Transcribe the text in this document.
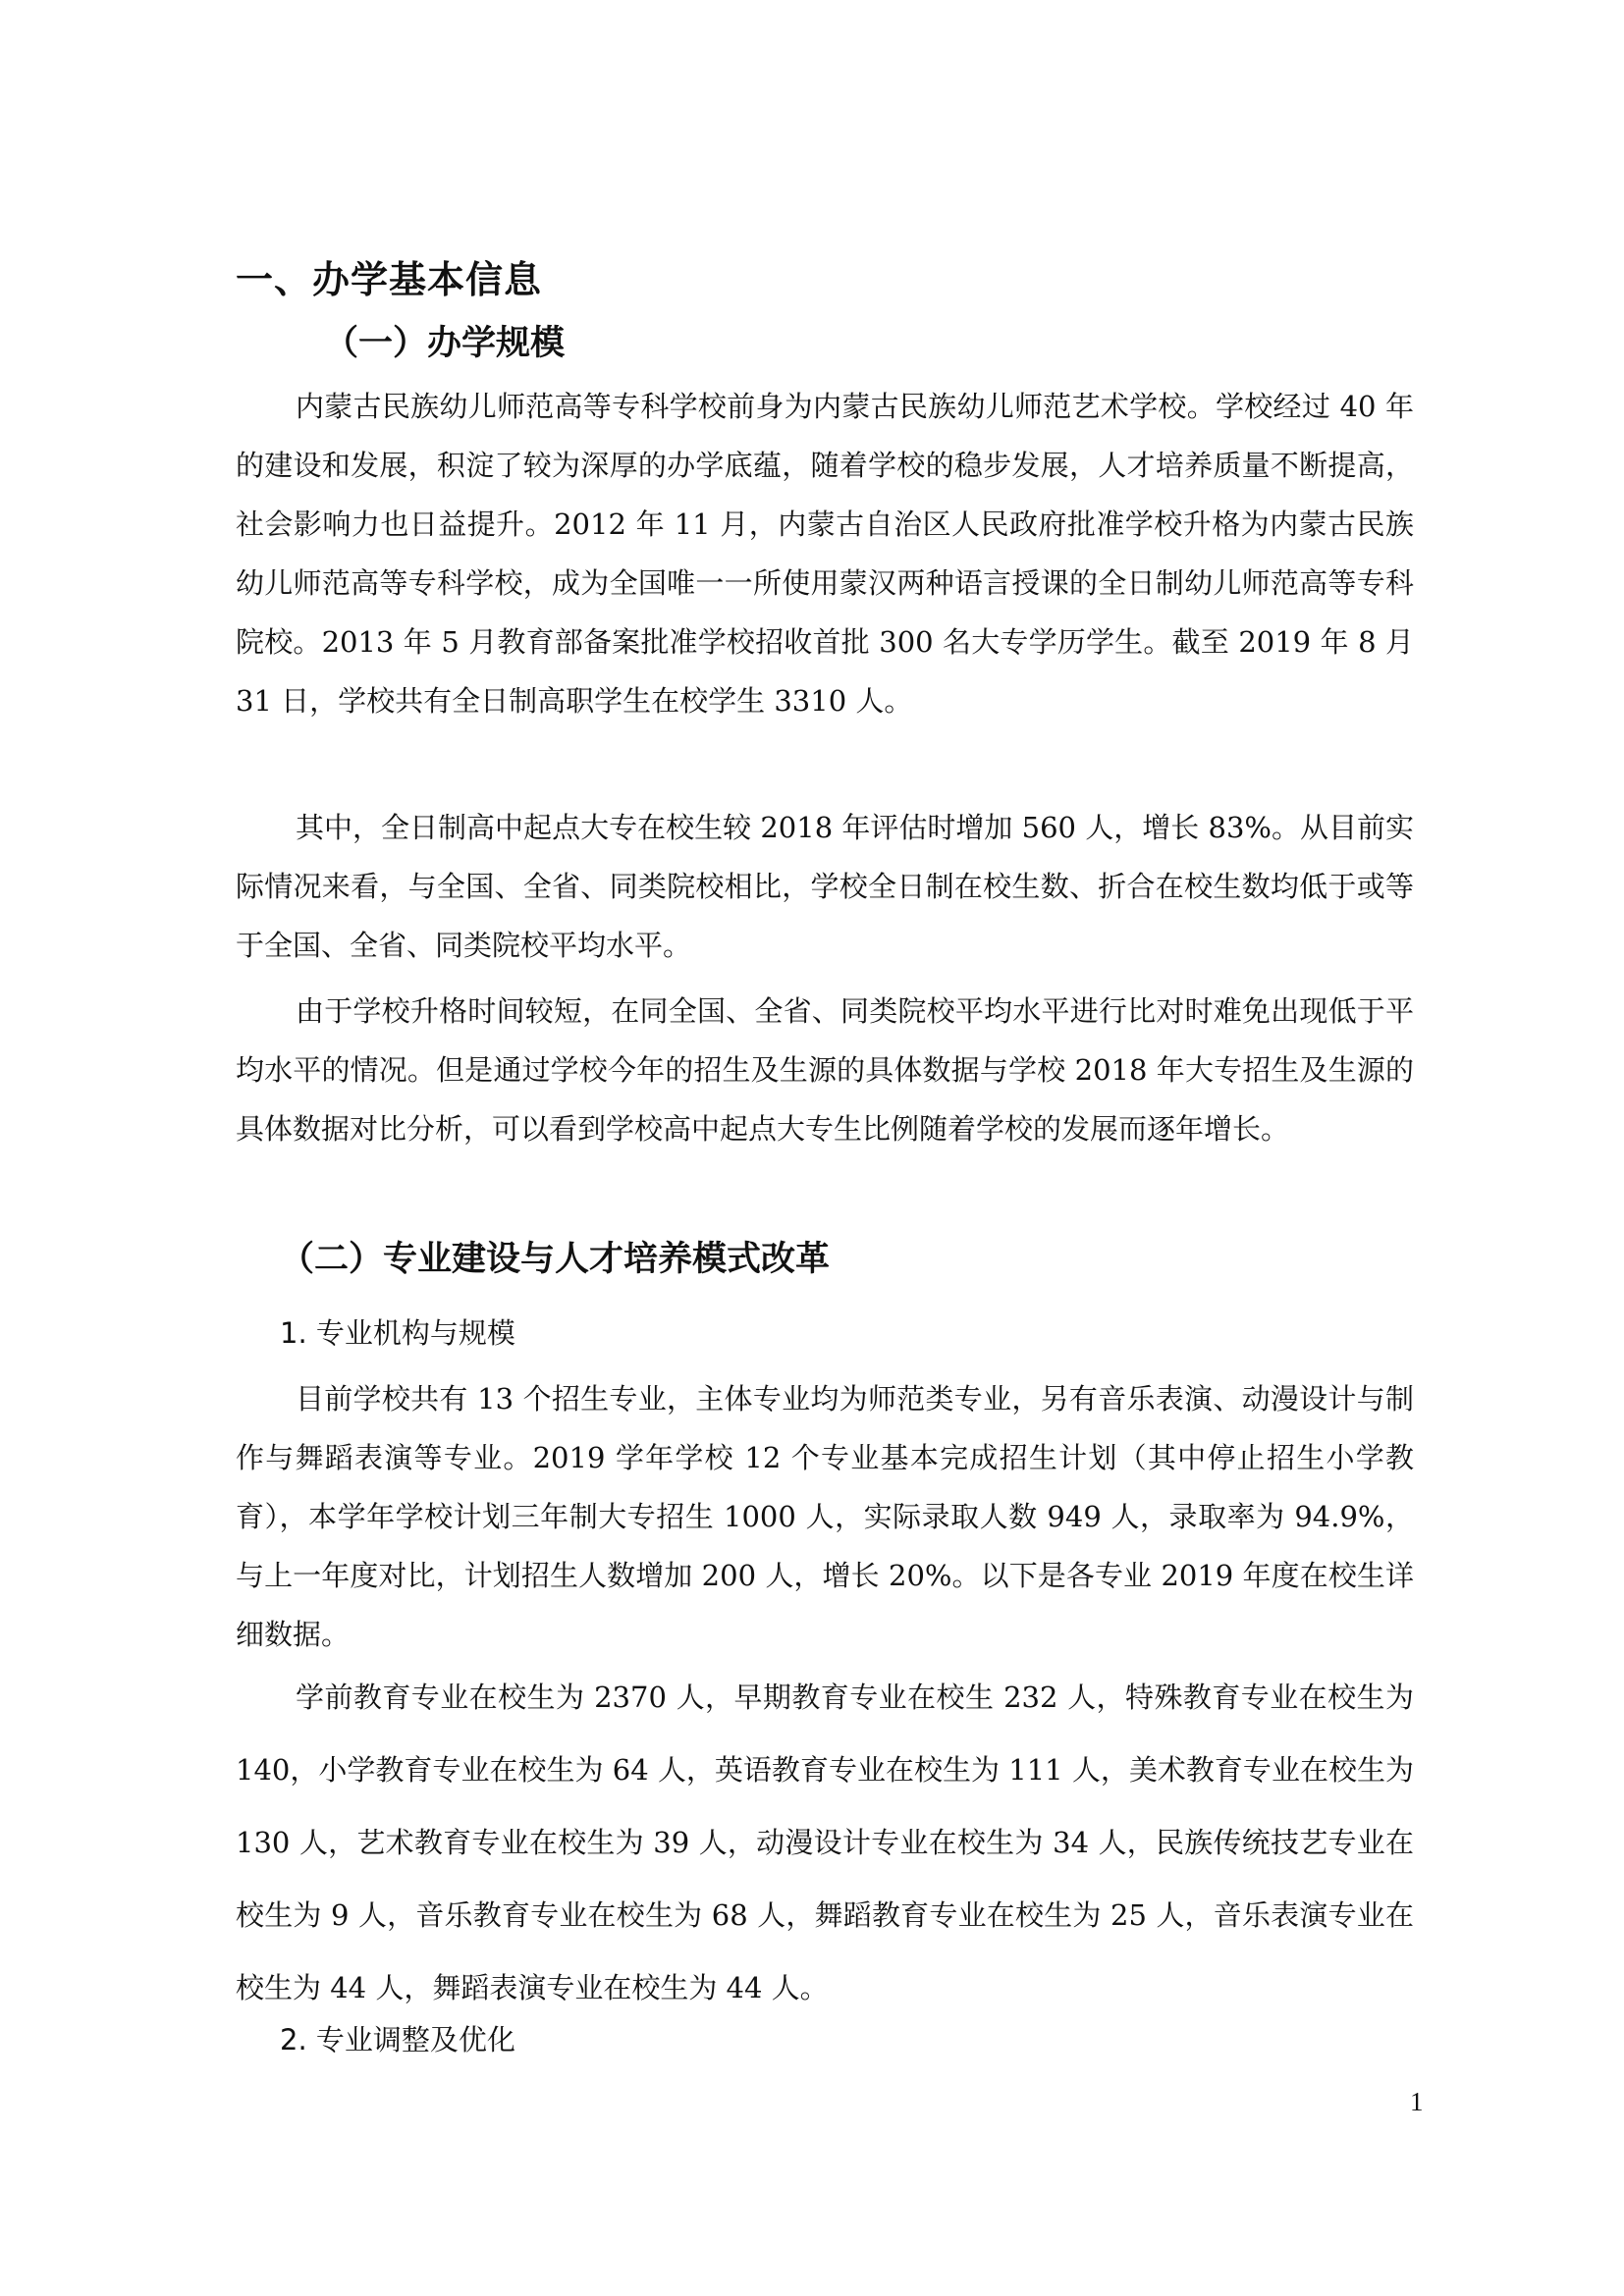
一、办学基本信息
（一）办学规模

内蒙古民族幼儿师范高等专科学校前身为内蒙古民族幼儿师范艺术学校。学校经过 40 年的建设和发展，积淀了较为深厚的办学底蕴，随着学校的稳步发展，人才培养质量不断提高，社会影响力也日益提升。2012 年 11 月，内蒙古自治区人民政府批准学校升格为内蒙古民族幼儿师范高等专科学校，成为全国唯一一所使用蒙汉两种语言授课的全日制幼儿师范高等专科院校。2013 年 5 月教育部备案批准学校招收首批 300 名大专学历学生。截至 2019 年 8 月 31 日，学校共有全日制高职学生在校学生 3310 人。

其中，全日制高中起点大专在校生较 2018 年评估时增加 560 人，增长 83%。从目前实际情况来看，与全国、全省、同类院校相比，学校全日制在校生数、折合在校生数均低于或等于全国、全省、同类院校平均水平。

由于学校升格时间较短，在同全国、全省、同类院校平均水平进行比对时难免出现低于平均水平的情况。但是通过学校今年的招生及生源的具体数据与学校 2018 年大专招生及生源的具体数据对比分析，可以看到学校高中起点大专生比例随着学校的发展而逐年增长。

（二）专业建设与人才培养模式改革
1. 专业机构与规模

目前学校共有 13 个招生专业，主体专业均为师范类专业，另有音乐表演、动漫设计与制作与舞蹈表演等专业。2019 学年学校 12 个专业基本完成招生计划（其中停止招生小学教育），本学年学校计划三年制大专招生 1000 人，实际录取人数 949 人，录取率为 94.9%，与上一年度对比，计划招生人数增加 200 人，增长 20%。以下是各专业 2019 年度在校生详细数据。

学前教育专业在校生为 2370 人，早期教育专业在校生 232 人，特殊教育专业在校生为 140，小学教育专业在校生为 64 人，英语教育专业在校生为 111 人，美术教育专业在校生为 130 人，艺术教育专业在校生为 39 人，动漫设计专业在校生为 34 人，民族传统技艺专业在校生为 9 人，音乐教育专业在校生为 68 人，舞蹈教育专业在校生为 25 人，音乐表演专业在校生为 44 人，舞蹈表演专业在校生为 44 人。

2. 专业调整及优化
1
